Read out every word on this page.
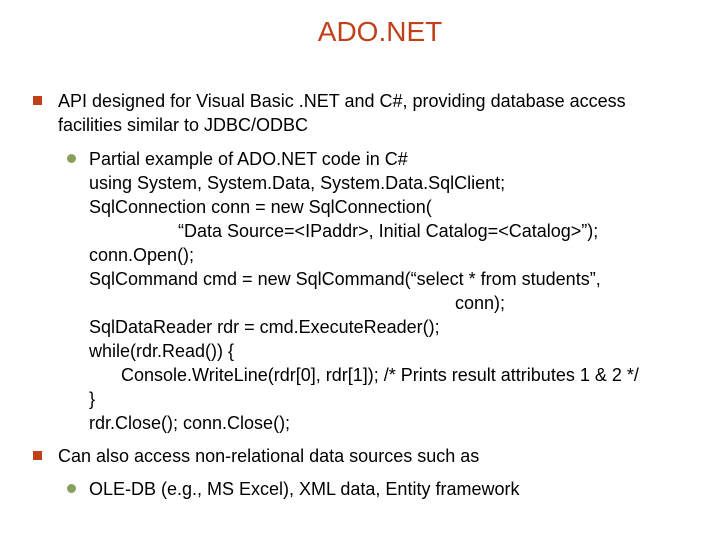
ADO.NET
API designed for Visual Basic .NET and C#, providing database access
facilities similar to JDBC/ODBC
Partial example of ADO.NET code in C#
using System, System.Data, System.Data.SqlClient;
SqlConnection conn = new SqlConnection(
“Data Source=<IPaddr>, Initial Catalog=<Catalog>”);
conn.Open();
SqlCommand cmd = new SqlCommand(“select * from students”,
conn);
SqlDataReader rdr = cmd.ExecuteReader();
while(rdr.Read()) {
Console.WriteLine(rdr[0], rdr[1]); /* Prints result attributes 1 & 2 */
}
rdr.Close(); conn.Close();
Can also access non-relational data sources such as
OLE-DB (e.g., MS Excel), XML data, Entity framework
